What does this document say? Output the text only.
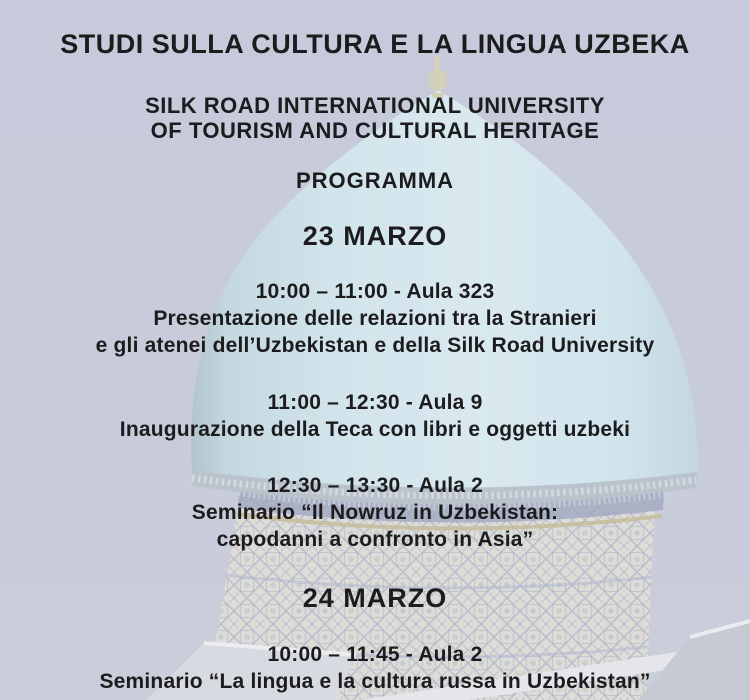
STUDI SULLA CULTURA E LA LINGUA UZBEKA
SILK ROAD INTERNATIONAL UNIVERSITY
OF TOURISM AND CULTURAL HERITAGE
PROGRAMMA
23 MARZO
10:00 – 11:00 - Aula 323
Presentazione delle relazioni tra la Stranieri
e gli atenei dell’Uzbekistan e della Silk Road University
11:00 – 12:30 - Aula 9
Inaugurazione della Teca con libri e oggetti uzbeki
12:30 – 13:30 - Aula 2
Seminario “Il Nowruz in Uzbekistan:
capodanni a confronto in Asia”
24 MARZO
10:00 – 11:45 - Aula 2
Seminario “La lingua e la cultura russa in Uzbekistan”
